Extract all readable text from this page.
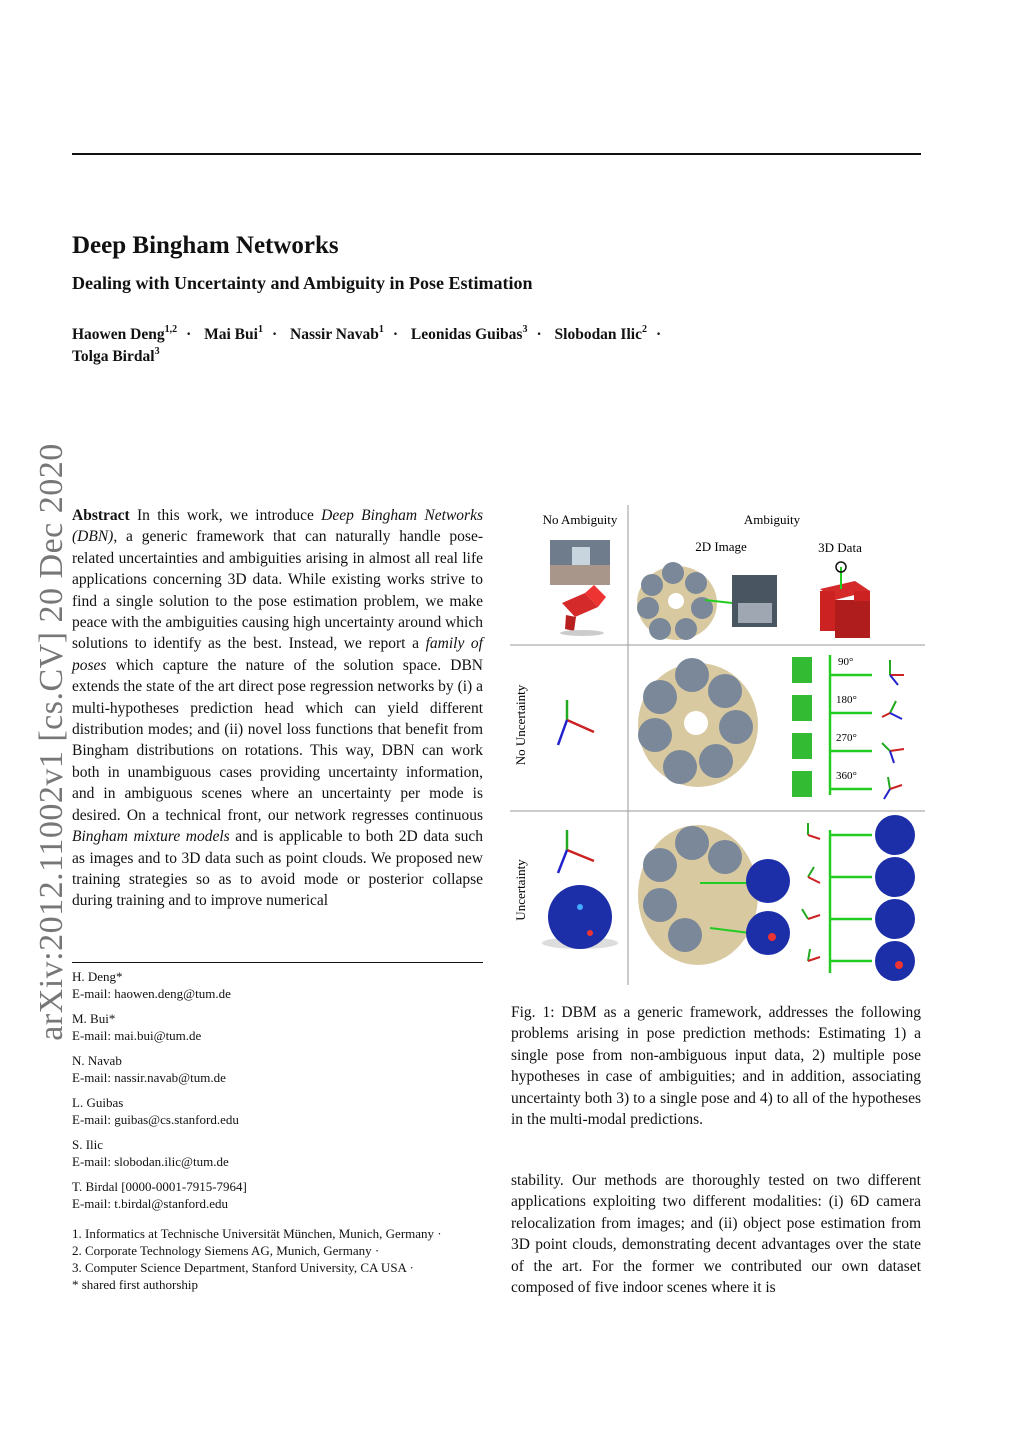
arXiv:2012.11002v1 [cs.CV] 20 Dec 2020
Deep Bingham Networks
Dealing with Uncertainty and Ambiguity in Pose Estimation
Haowen Deng$^{1,2}$ · Mai Bui$^1$ · Nassir Navab$^1$ · Leonidas Guibas$^3$ · Slobodan Ilic$^2$ ·
Tolga Birdal$^3$
Abstract In this work, we introduce Deep Bingham Networks (DBN), a generic framework that can naturally handle pose-related uncertainties and ambiguities arising in almost all real life applications concerning 3D data. While existing works strive to find a single solution to the pose estimation problem, we make peace with the ambiguities causing high uncertainty around which solutions to identify as the best. Instead, we report a family of poses which capture the nature of the solution space. DBN extends the state of the art direct pose regression networks by (i) a multi-hypotheses prediction head which can yield different distribution modes; and (ii) novel loss functions that benefit from Bingham distributions on rotations. This way, DBN can work both in unambiguous cases providing uncertainty information, and in ambiguous scenes where an uncertainty per mode is desired. On a technical front, our network regresses continuous Bingham mixture models and is applicable to both 2D data such as images and to 3D data such as point clouds. We proposed new training strategies so as to avoid mode or posterior collapse during training and to improve numerical
H. Deng*
E-mail: haowen.deng@tum.de
M. Bui*
E-mail: mai.bui@tum.de
N. Navab
E-mail: nassir.navab@tum.de
L. Guibas
E-mail: guibas@cs.stanford.edu
S. Ilic
E-mail: slobodan.ilic@tum.de
T. Birdal [0000-0001-7915-7964]
E-mail: t.birdal@stanford.edu
1. Informatics at Technische Universität München, Munich, Germany ·
2. Corporate Technology Siemens AG, Munich, Germany ·
3. Computer Science Department, Stanford University, CA USA ·
* shared first authorship
No Ambiguity	Ambiguity
2D Image	3D Data
No Uncertainty
Uncertainty
90°
180°
270°
360°
Fig. 1: DBM as a generic framework, addresses the following problems arising in pose prediction methods: Estimating 1) a single pose from non-ambiguous input data, 2) multiple pose hypotheses in case of ambiguities; and in addition, associating uncertainty both 3) to a single pose and 4) to all of the hypotheses in the multi-modal predictions.
stability. Our methods are thoroughly tested on two different applications exploiting two different modalities: (i) 6D camera relocalization from images; and (ii) object pose estimation from 3D point clouds, demonstrating decent advantages over the state of the art. For the former we contributed our own dataset composed of five indoor scenes where it is
